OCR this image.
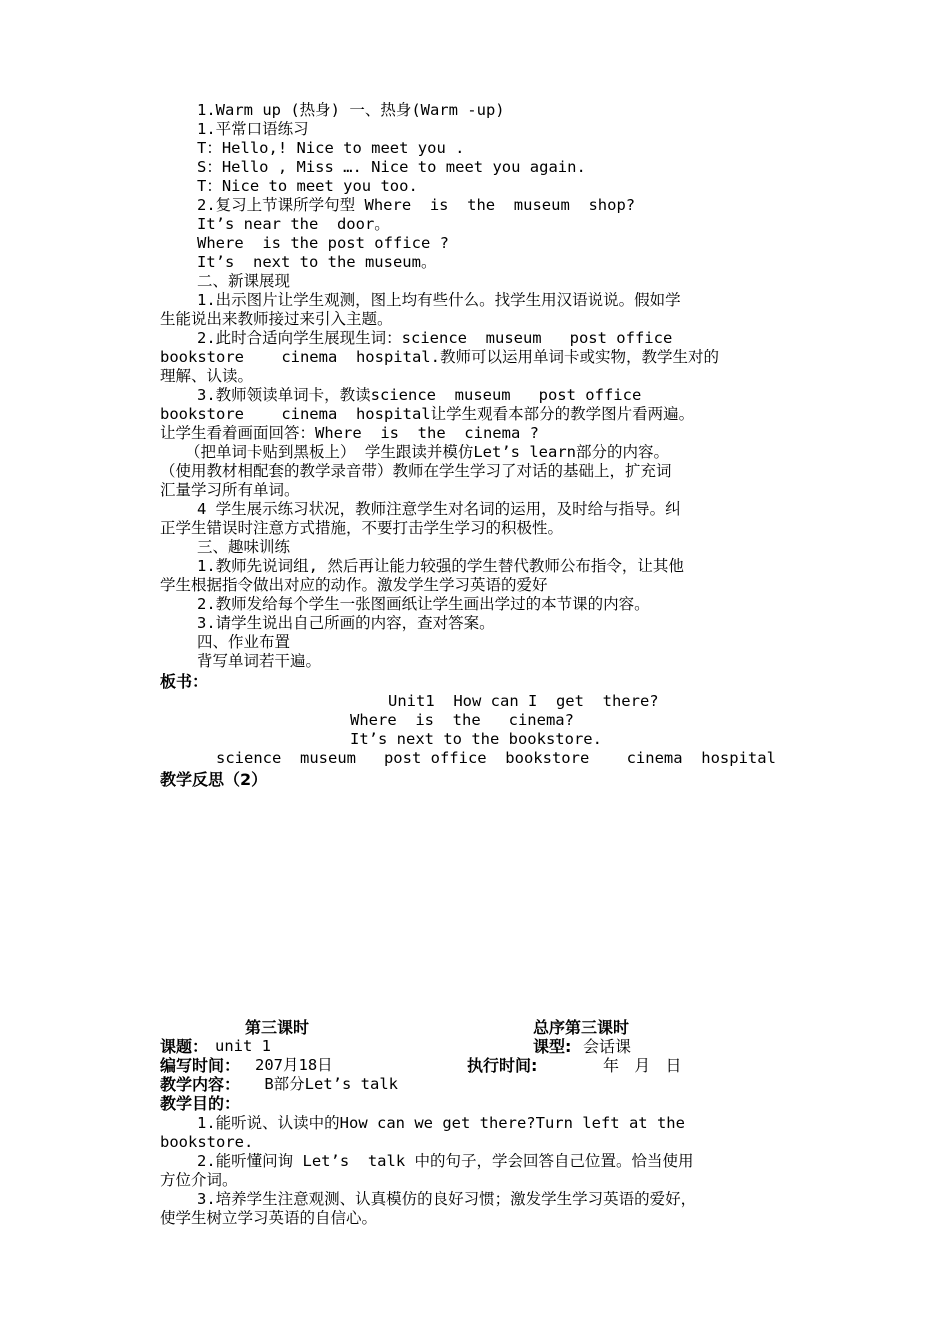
1.Warm up (热身) 一、热身(Warm -up)
1.平常口语练习
T：Hello,! Nice to meet you .
S：Hello , Miss …. Nice to meet you again.
T：Nice to meet you too.
2.复习上节课所学句型 Where  is  the  museum  shop?
It’s near the  door。
Where  is the post office ?
It’s  next to the museum。
二、新课展现
1.出示图片让学生观测，图上均有些什么。找学生用汉语说说。假如学
生能说出来教师接过来引入主题。
2.此时合适向学生展现生词：science  museum   post office
bookstore    cinema  hospital.教师可以运用单词卡或实物，教学生对的
理解、认读。
3.教师领读单词卡，教读science  museum   post office
bookstore    cinema  hospital让学生观看本部分的教学图片看两遍。
让学生看着画面回答：Where  is  the  cinema ?
（把单词卡贴到黑板上） 学生跟读并模仿Let’s learn部分的内容。
（使用教材相配套的教学录音带）教师在学生学习了对话的基础上，扩充词
汇量学习所有单词。
4 学生展示练习状况，教师注意学生对名词的运用，及时给与指导。纠
正学生错误时注意方式措施，不要打击学生学习的积极性。
三、趣味训练
1.教师先说词组, 然后再让能力较强的学生替代教师公布指令，让其他
学生根据指令做出对应的动作。激发学生学习英语的爱好
2.教师发给每个学生一张图画纸让学生画出学过的本节课的内容。
3.请学生说出自己所画的内容，查对答案。
四、作业布置
背写单词若干遍。
板书：
Unit1  How can I  get  there?
Where  is  the   cinema?
It’s next to the bookstore.
science  museum   post office  bookstore    cinema  hospital
教学反思（2）
第三课时	总序第三课时
课题： unit 1	课型: 会话课
编写时间： 207月18日	执行时间:	年   月   日
教学内容： B部分Let’s talk
教学目的：
1.能听说、认读中的How can we get there?Turn left at the
bookstore.
2.能听懂问询 Let’s  talk 中的句子，学会回答自己位置。恰当使用
方位介词。
3.培养学生注意观测、认真模仿的良好习惯；激发学生学习英语的爱好，
使学生树立学习英语的自信心。
